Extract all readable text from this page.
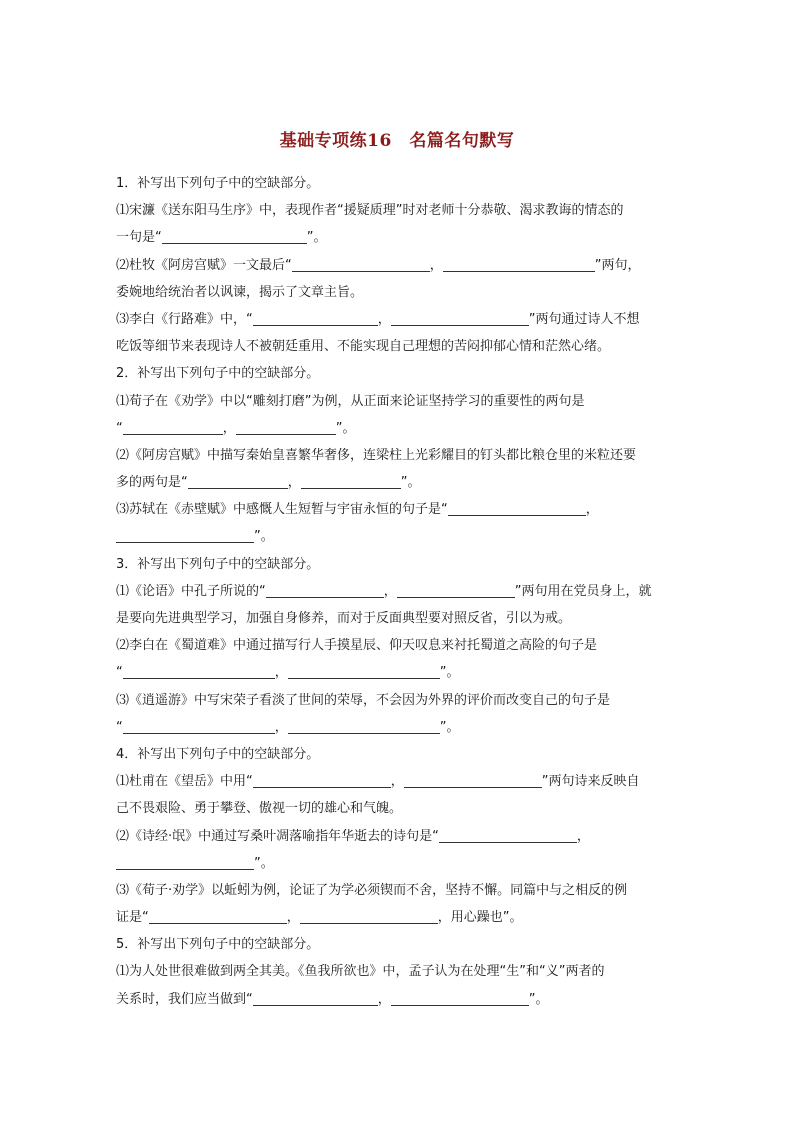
基础专项练16　名篇名句默写
1．补写出下列句子中的空缺部分。
⑴宋濂《送东阳马生序》中，表现作者“援疑质理”时对老师十分恭敬、渴求教诲的情态的
一句是“	”。
⑵杜牧《阿房宫赋》一文最后“	，	”两句，
委婉地给统治者以讽谏，揭示了文章主旨。
⑶李白《行路难》中，“	，	”两句通过诗人不想
吃饭等细节来表现诗人不被朝廷重用、不能实现自己理想的苦闷抑郁心情和茫然心绪。
2．补写出下列句子中的空缺部分。
⑴荀子在《劝学》中以“雕刻打磨”为例，从正面来论证坚持学习的重要性的两句是
“	，	”。
⑵《阿房宫赋》中描写秦始皇喜繁华奢侈，连梁柱上光彩耀目的钉头都比粮仓里的米粒还要
多的两句是“	，	”。
⑶苏轼在《赤壁赋》中感慨人生短暂与宇宙永恒的句子是“	，
”。
3．补写出下列句子中的空缺部分。
⑴《论语》中孔子所说的“	，	”两句用在党员身上，就
是要向先进典型学习，加强自身修养，而对于反面典型要对照反省，引以为戒。
⑵李白在《蜀道难》中通过描写行人手摸星辰、仰天叹息来衬托蜀道之高险的句子是
“	，	”。
⑶《逍遥游》中写宋荣子看淡了世间的荣辱，不会因为外界的评价而改变自己的句子是
“	，	”。
4．补写出下列句子中的空缺部分。
⑴杜甫在《望岳》中用“	，	”两句诗来反映自
己不畏艰险、勇于攀登、傲视一切的雄心和气魄。
⑵《诗经·氓》中通过写桑叶凋落喻指年华逝去的诗句是“	，
”。
⑶《荀子·劝学》以蚯蚓为例，论证了为学必须锲而不舍，坚持不懈。同篇中与之相反的例
证是“	，	，用心躁也”。
5．补写出下列句子中的空缺部分。
⑴为人处世很难做到两全其美。《鱼我所欲也》中，孟子认为在处理“生”和“义”两者的
关系时，我们应当做到“	，	”。
